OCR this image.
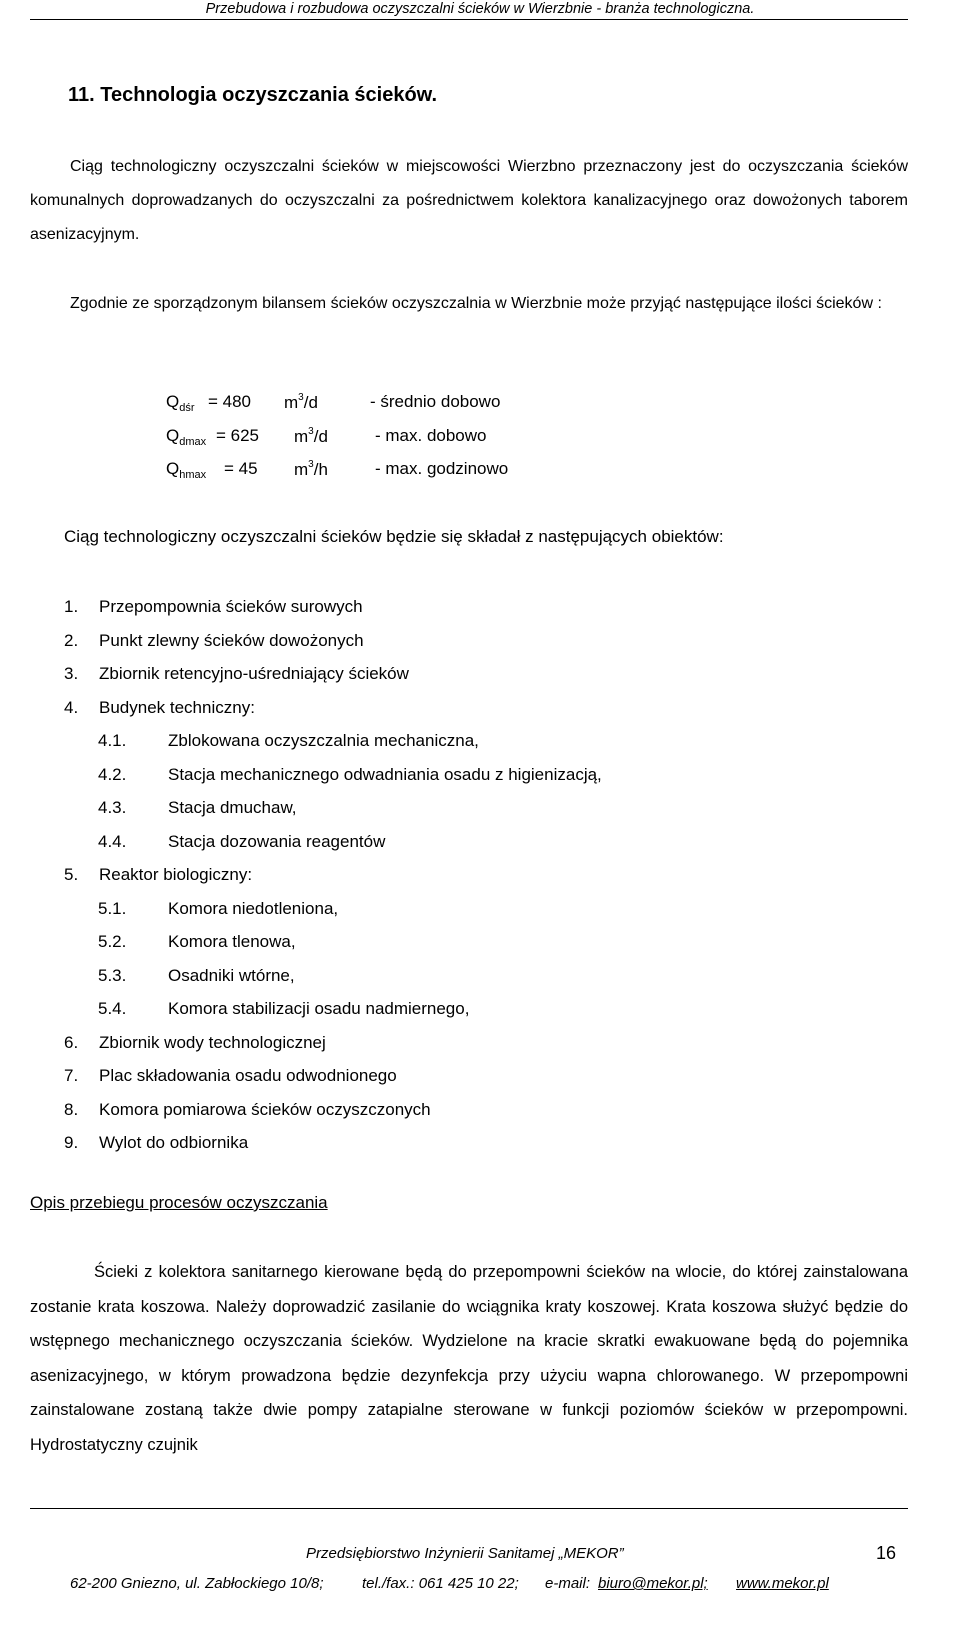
Przebudowa i rozbudowa oczyszczalni ścieków w Wierzbnie - branża technologiczna.
11. Technologia oczyszczania ścieków.

Ciąg technologiczny oczyszczalni ścieków w miejscowości Wierzbno przeznaczony jest do oczyszczania ścieków komunalnych doprowadzanych do oczyszczalni za pośrednictwem kolektora kanalizacyjnego oraz dowożonych taborem asenizacyjnym.

Zgodnie ze sporządzonym bilansem ścieków oczyszczalnia w Wierzbnie może przyjąć następujące ilości ścieków :

$Q_{dśr} = 480$ $m^3/d$	- średnio dobowo
$Q_{dmax} = 625$ $m^3/d$	- max. dobowo
$Q_{hmax} = 45$ $m^3/h$	- max. godzinowo
Ciąg technologiczny oczyszczalni ścieków będzie się składał z następujących obiektów:
1. Przepompownia ścieków surowych
2. Punkt zlewny ścieków dowożonych
3. Zbiornik retencyjno-uśredniający ścieków
4. Budynek techniczny:
4.1. Zblokowana oczyszczalnia mechaniczna,
4.2. Stacja mechanicznego odwadniania osadu z higienizacją,
4.3. Stacja dmuchaw,
4.4. Stacja dozowania reagentów
5. Reaktor biologiczny:
5.1. Komora niedotleniona,
5.2. Komora tlenowa,
5.3. Osadniki wtórne,
5.4. Komora stabilizacji osadu nadmiernego,
6. Zbiornik wody technologicznej
7. Plac składowania osadu odwodnionego
8. Komora pomiarowa ścieków oczyszczonych
9. Wylot do odbiornika
Opis przebiegu procesów oczyszczania

Ścieki z kolektora sanitarnego kierowane będą do przepompowni ścieków na wlocie, do której zainstalowana zostanie krata koszowa. Należy doprowadzić zasilanie do wciągnika kraty koszowej. Krata koszowa służyć będzie do wstępnego mechanicznego oczyszczania ścieków. Wydzielone na kracie skratki ewakuowane będą do pojemnika asenizacyjnego, w którym prowadzona będzie dezynfekcja przy użyciu wapna chlorowanego. W przepompowni zainstalowane zostaną także dwie pompy zatapialne sterowane w funkcji poziomów ścieków w przepompowni. Hydrostatyczny czujnik

Przedsiębiorstwo Inżynierii Sanitamej „MEKOR”	16
62-200 Gniezno, ul. Zabłockiego 10/8;	tel./fax.: 061 425 10 22; e-mail: biuro@mekor.pl; www.mekor.pl
